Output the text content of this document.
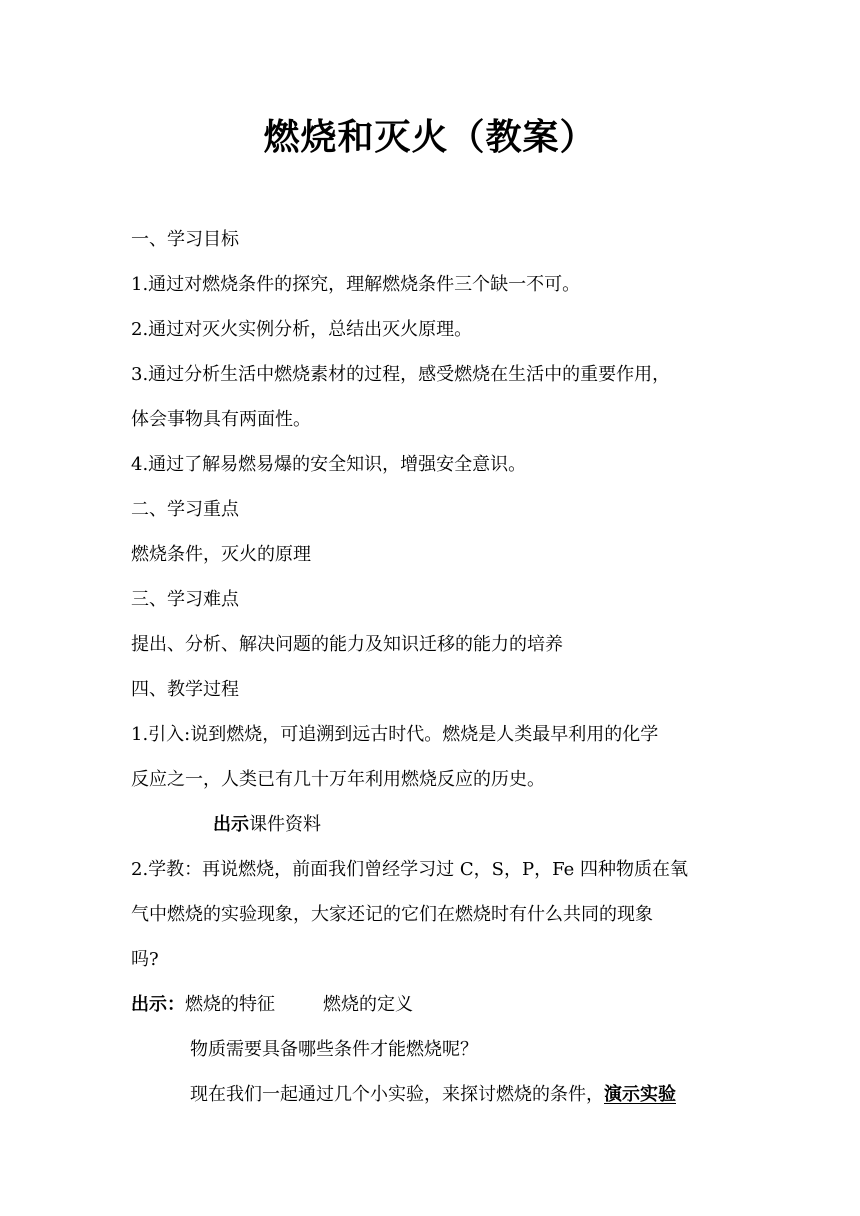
燃烧和灭火（教案）
一、学习目标
1.通过对燃烧条件的探究，理解燃烧条件三个缺一不可。
2.通过对灭火实例分析，总结出灭火原理。
3.通过分析生活中燃烧素材的过程，感受燃烧在生活中的重要作用，
体会事物具有两面性。
4.通过了解易燃易爆的安全知识，增强安全意识。
二、学习重点
燃烧条件，灭火的原理
三、学习难点
提出、分析、解决问题的能力及知识迁移的能力的培养
四、教学过程
1.引入:说到燃烧，可追溯到远古时代。燃烧是人类最早利用的化学
反应之一，人类已有几十万年利用燃烧反应的历史。
出示课件资料
2.学教：再说燃烧，前面我们曾经学习过 C，S，P，Fe 四种物质在氧
气中燃烧的实验现象，大家还记的它们在燃烧时有什么共同的现象
吗?
出示：燃烧的特征	燃烧的定义
物质需要具备哪些条件才能燃烧呢？
现在我们一起通过几个小实验，来探讨燃烧的条件，演示实验
